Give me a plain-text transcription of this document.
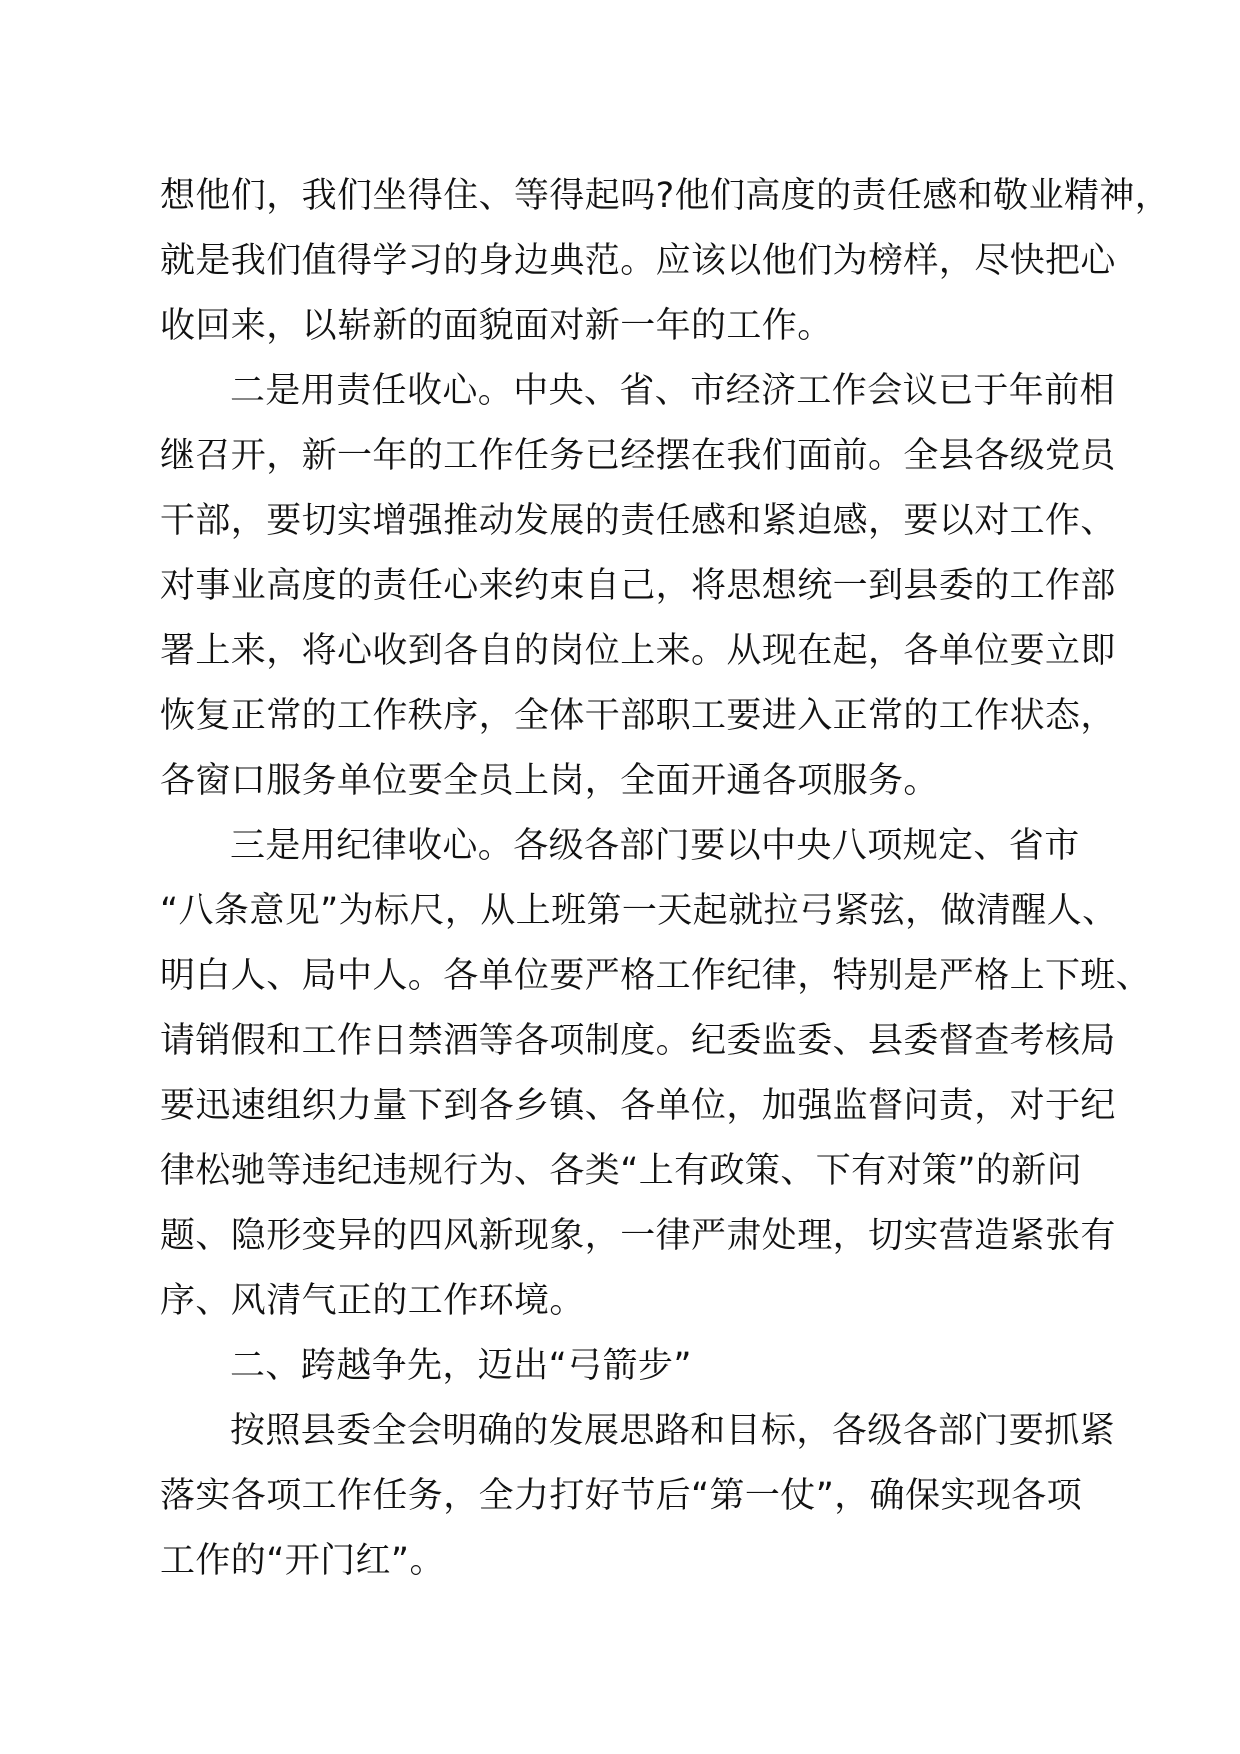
想他们，我们坐得住、等得起吗?他们高度的责任感和敬业精神，
就是我们值得学习的身边典范。应该以他们为榜样，尽快把心
收回来，以崭新的面貌面对新一年的工作。
二是用责任收心。中央、省、市经济工作会议已于年前相
继召开，新一年的工作任务已经摆在我们面前。全县各级党员
干部，要切实增强推动发展的责任感和紧迫感，要以对工作、
对事业高度的责任心来约束自己，将思想统一到县委的工作部
署上来，将心收到各自的岗位上来。从现在起，各单位要立即
恢复正常的工作秩序，全体干部职工要进入正常的工作状态，
各窗口服务单位要全员上岗，全面开通各项服务。
三是用纪律收心。各级各部门要以中央八项规定、省市
“八条意见”为标尺，从上班第一天起就拉弓紧弦，做清醒人、
明白人、局中人。各单位要严格工作纪律，特别是严格上下班、
请销假和工作日禁酒等各项制度。纪委监委、县委督查考核局
要迅速组织力量下到各乡镇、各单位，加强监督问责，对于纪
律松驰等违纪违规行为、各类“上有政策、下有对策”的新问
题、隐形变异的四风新现象，一律严肃处理，切实营造紧张有
序、风清气正的工作环境。
二、跨越争先，迈出“弓箭步”
按照县委全会明确的发展思路和目标，各级各部门要抓紧
落实各项工作任务，全力打好节后“第一仗”，确保实现各项
工作的“开门红”。
